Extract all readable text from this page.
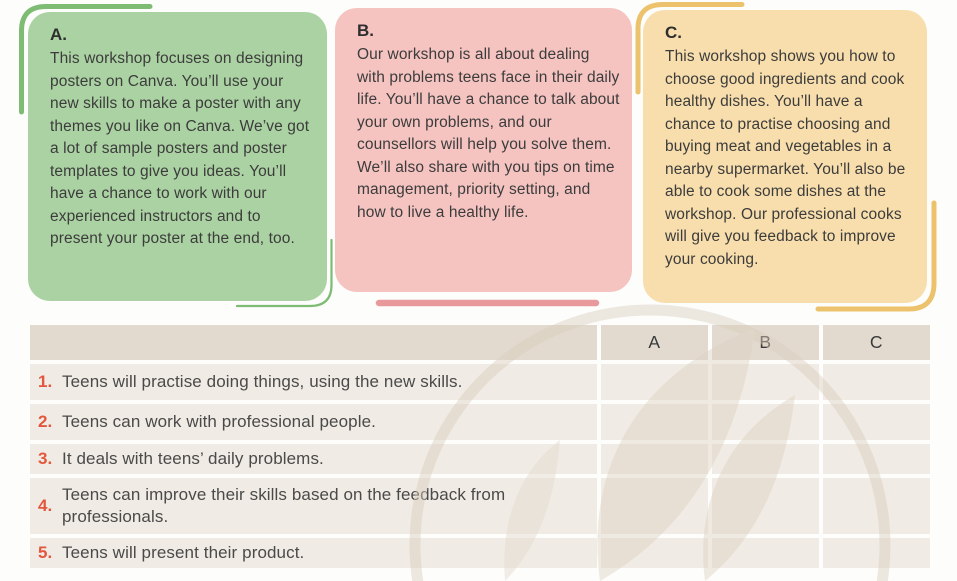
A.
This workshop focuses on designing posters on Canva. You’ll use your new skills to make a poster with any themes you like on Canva. We’ve got a lot of sample posters and poster templates to give you ideas. You’ll have a chance to work with our experienced instructors and to present your poster at the end, too.
B.
Our workshop is all about dealing with problems teens face in their daily life. You’ll have a chance to talk about your own problems, and our counsellors will help you solve them. We’ll also share with you tips on time management, priority setting, and how to live a healthy life.
C.
This workshop shows you how to choose good ingredients and cook healthy dishes. You’ll have a chance to practise choosing and buying meat and vegetables in a nearby supermarket. You’ll also be able to cook some dishes at the workshop. Our professional cooks will give you feedback to improve your cooking.
A	B	C
1. Teens will practise doing things, using the new skills.
2. Teens can work with professional people.
3. It deals with teens’ daily problems.
4.
Teens can improve their skills based on the feedback from professionals.
5. Teens will present their product.
